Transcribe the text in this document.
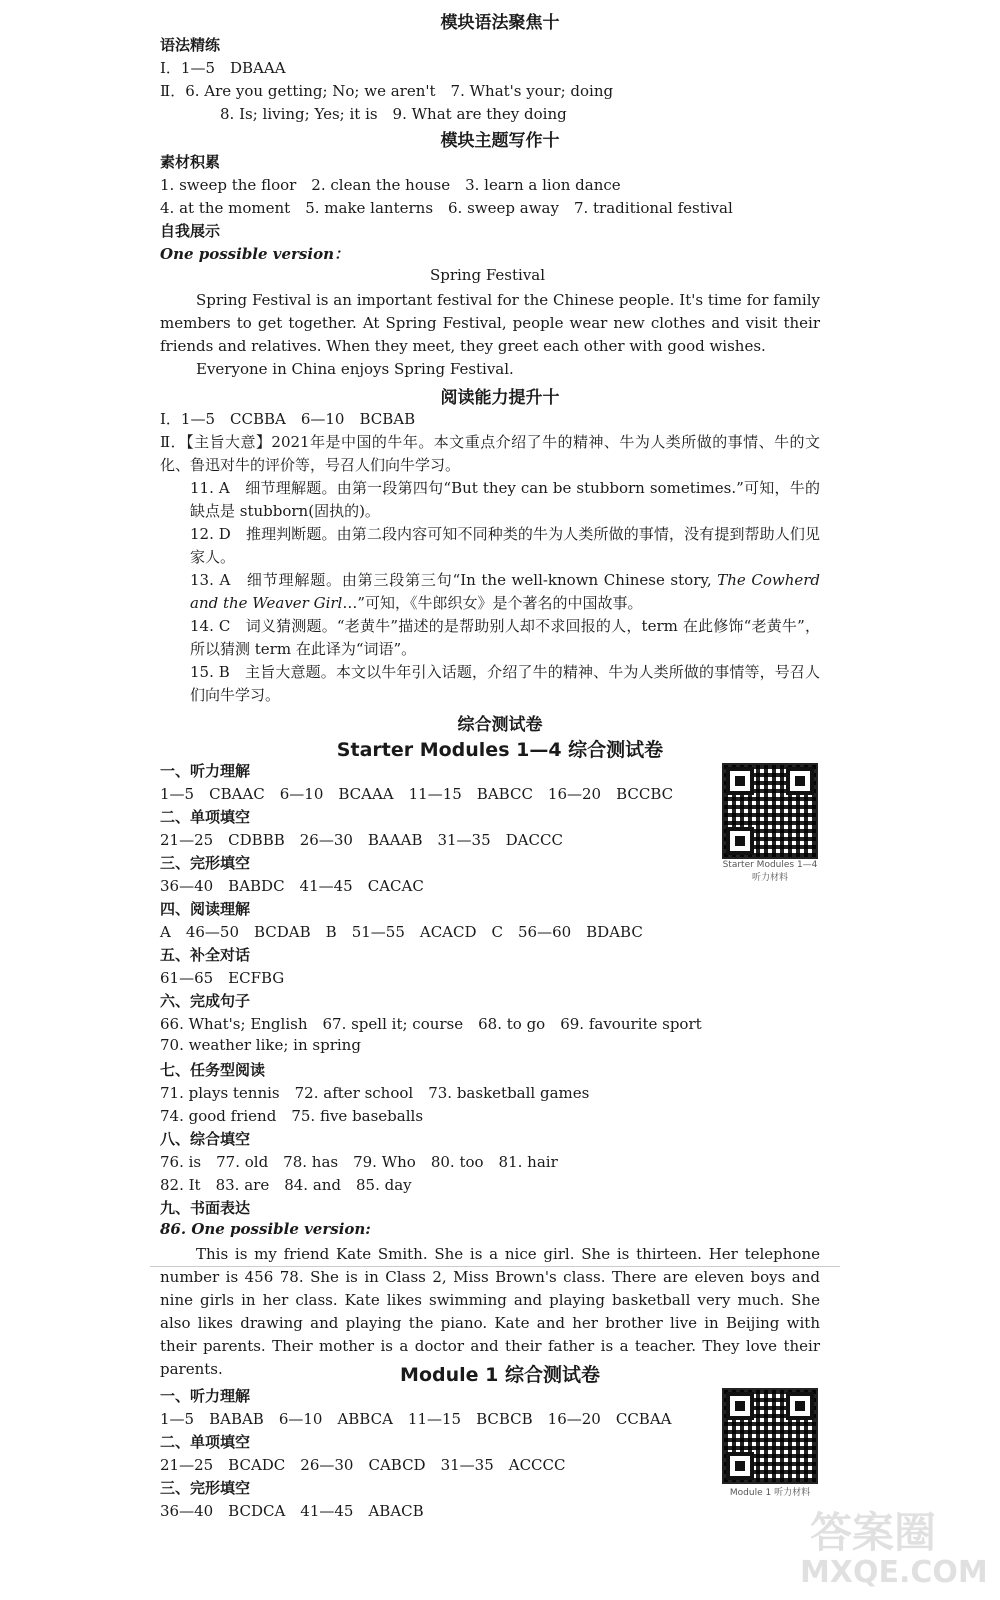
模块语法聚焦十
语法精练
Ⅰ．1—5　DBAAA
Ⅱ．6. Are you getting; No; we aren't　7. What's your; doing
8. Is; living; Yes; it is　9. What are they doing
模块主题写作十
素材积累
1. sweep the floor　2. clean the house　3. learn a lion dance
4. at the moment　5. make lanterns　6. sweep away　7. traditional festival
自我展示
One possible version：
Spring Festival
Spring Festival is an important festival for the Chinese people. It's time for family members to get together. At Spring Festival, people wear new clothes and visit their friends and relatives. When they meet, they greet each other with good wishes.
Everyone in China enjoys Spring Festival.
阅读能力提升十
Ⅰ．1—5　CCBBA　6—10　BCBAB
Ⅱ．【主旨大意】2021年是中国的牛年。本文重点介绍了牛的精神、牛为人类所做的事情、牛的文化、鲁迅对牛的评价等，号召人们向牛学习。
11. A　细节理解题。由第一段第四句“But they can be stubborn sometimes.”可知，牛的缺点是 stubborn(固执的)。
12. D　推理判断题。由第二段内容可知不同种类的牛为人类所做的事情，没有提到帮助人们见家人。
13. A　细节理解题。由第三段第三句“In the well-known Chinese story, The Cowherd and the Weaver Girl…”可知，《牛郎织女》是个著名的中国故事。
14. C　词义猜测题。“老黄牛”描述的是帮助别人却不求回报的人，term 在此修饰“老黄牛”，所以猜测 term 在此译为“词语”。
15. B　主旨大意题。本文以牛年引入话题，介绍了牛的精神、牛为人类所做的事情等，号召人们向牛学习。
综合测试卷
Starter Modules 1—4 综合测试卷
一、听力理解
1—5　CBAAC　6—10　BCAAA　11—15　BABCC　16—20　BCCBC
二、单项填空
21—25　CDBBB　26—30　BAAAB　31—35　DACCC
三、完形填空
36—40　BABDC　41—45　CACAC
四、阅读理解
A　46—50　BCDAB　B　51—55　ACACD　C　56—60　BDABC
五、补全对话
61—65　ECFBG
六、完成句子
66. What's; English　67. spell it; course　68. to go　69. favourite sport
70. weather like; in spring
七、任务型阅读
71. plays tennis　72. after school　73. basketball games
74. good friend　75. five baseballs
八、综合填空
76. is　77. old　78. has　79. Who　80. too　81. hair
82. It　83. are　84. and　85. day
九、书面表达
86. One possible version:
This is my friend Kate Smith. She is a nice girl. She is thirteen. Her telephone number is 456 78. She is in Class 2, Miss Brown's class. There are eleven boys and nine girls in her class. Kate likes swimming and playing basketball very much. She also likes drawing and playing the piano. Kate and her brother live in Beijing with their parents. Their mother is a doctor and their father is a teacher. They love their parents.
Starter Modules 1—4 听力材料
Module 1 综合测试卷
一、听力理解
1—5　BABAB　6—10　ABBCA　11—15　BCBCB　16—20　CCBAA
二、单项填空
21—25　BCADC　26—30　CABCD　31—35　ACCCC
三、完形填空
36—40　BCDCA　41—45　ABACB
Module 1 听力材料
答案圈
MXQE.COM
